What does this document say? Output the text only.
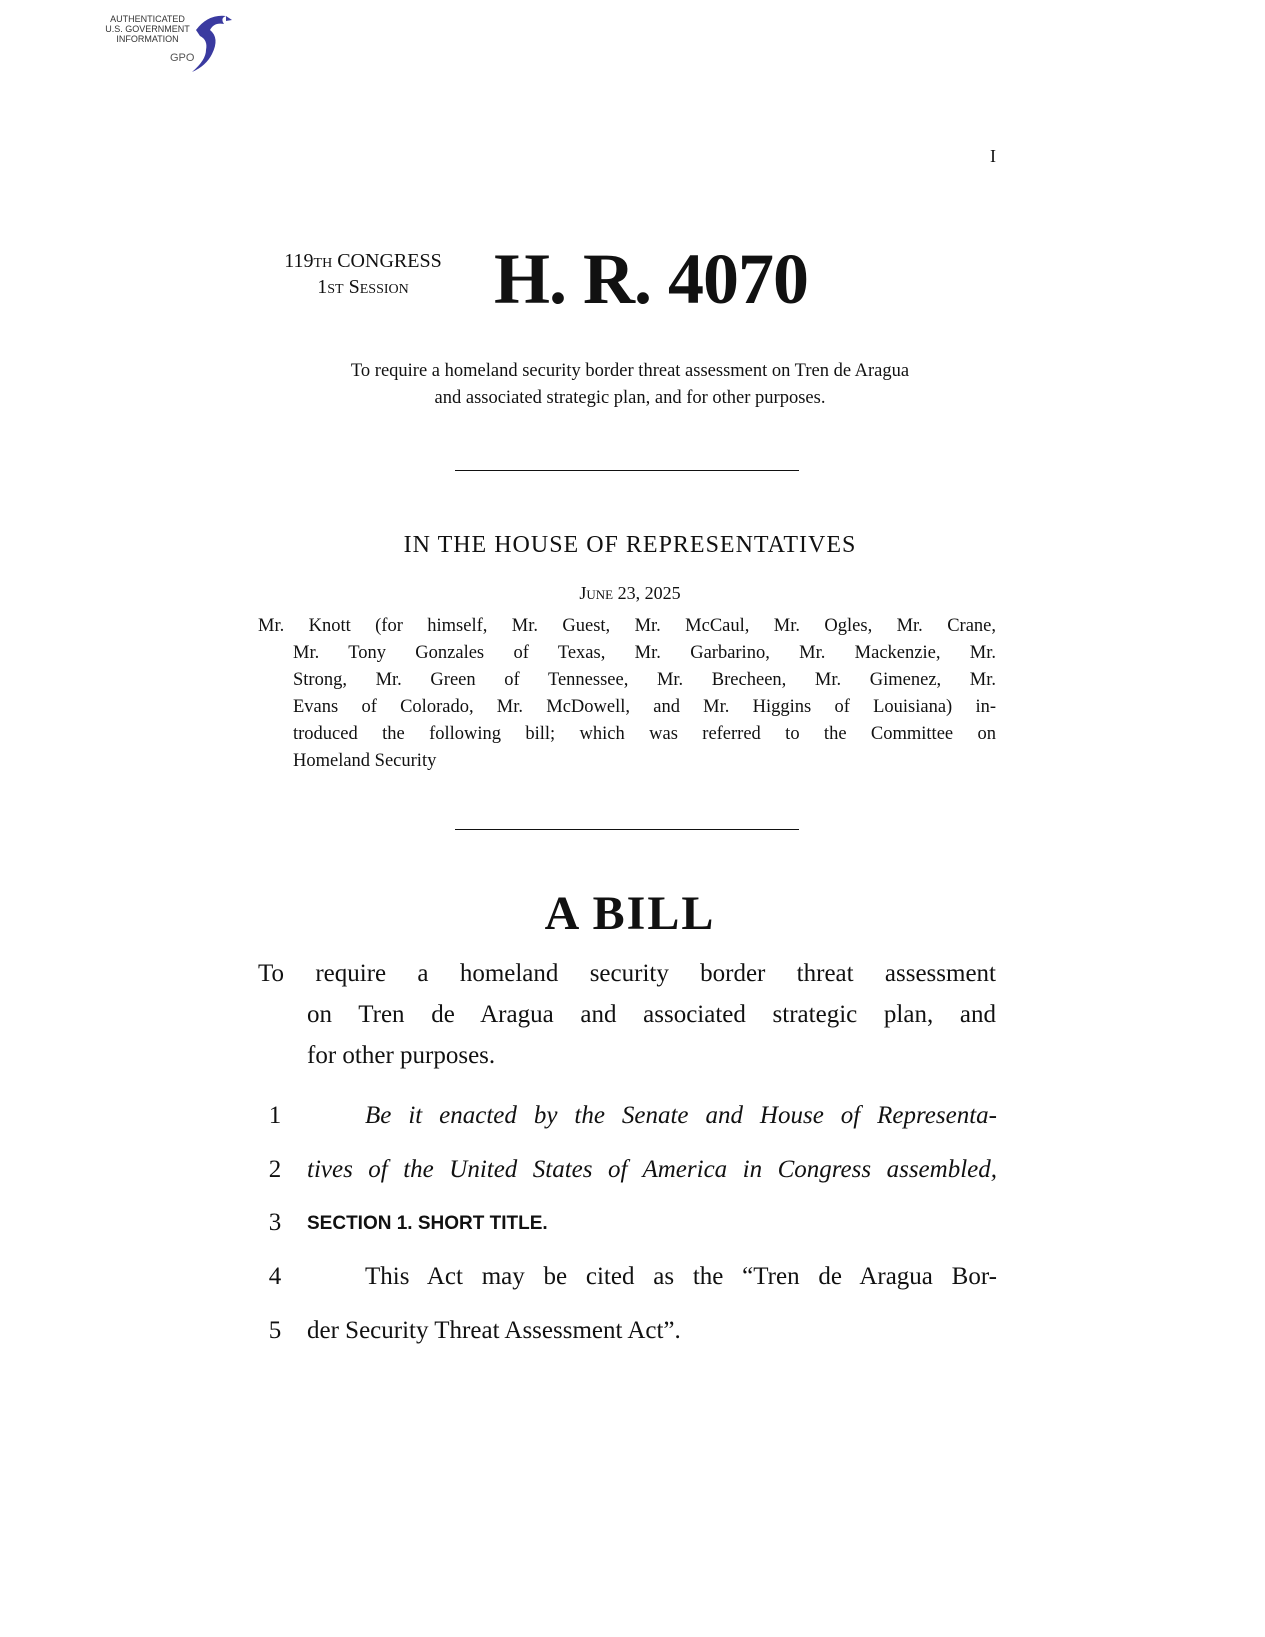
AUTHENTICATED
U.S. GOVERNMENT
INFORMATION
GPO
I
119th CONGRESS
1st Session	H. R. 4070
To require a homeland security border threat assessment on Tren de Aragua
and associated strategic plan, and for other purposes.
IN THE HOUSE OF REPRESENTATIVES
June 23, 2025
Mr. Knott (for himself, Mr. Guest, Mr. McCaul, Mr. Ogles, Mr. Crane,
Mr. Tony Gonzales of Texas, Mr. Garbarino, Mr. Mackenzie, Mr.
Strong, Mr. Green of Tennessee, Mr. Brecheen, Mr. Gimenez, Mr.
Evans of Colorado, Mr. McDowell, and Mr. Higgins of Louisiana) in-
troduced the following bill; which was referred to the Committee on
Homeland Security
A BILL
To require a homeland security border threat assessment
on Tren de Aragua and associated strategic plan, and
for other purposes.
1	Be it enacted by the Senate and House of Representa-
2	tives of the United States of America in Congress assembled,
3	SECTION 1. SHORT TITLE.
4	This Act may be cited as the “Tren de Aragua Bor-
5	der Security Threat Assessment Act”.
